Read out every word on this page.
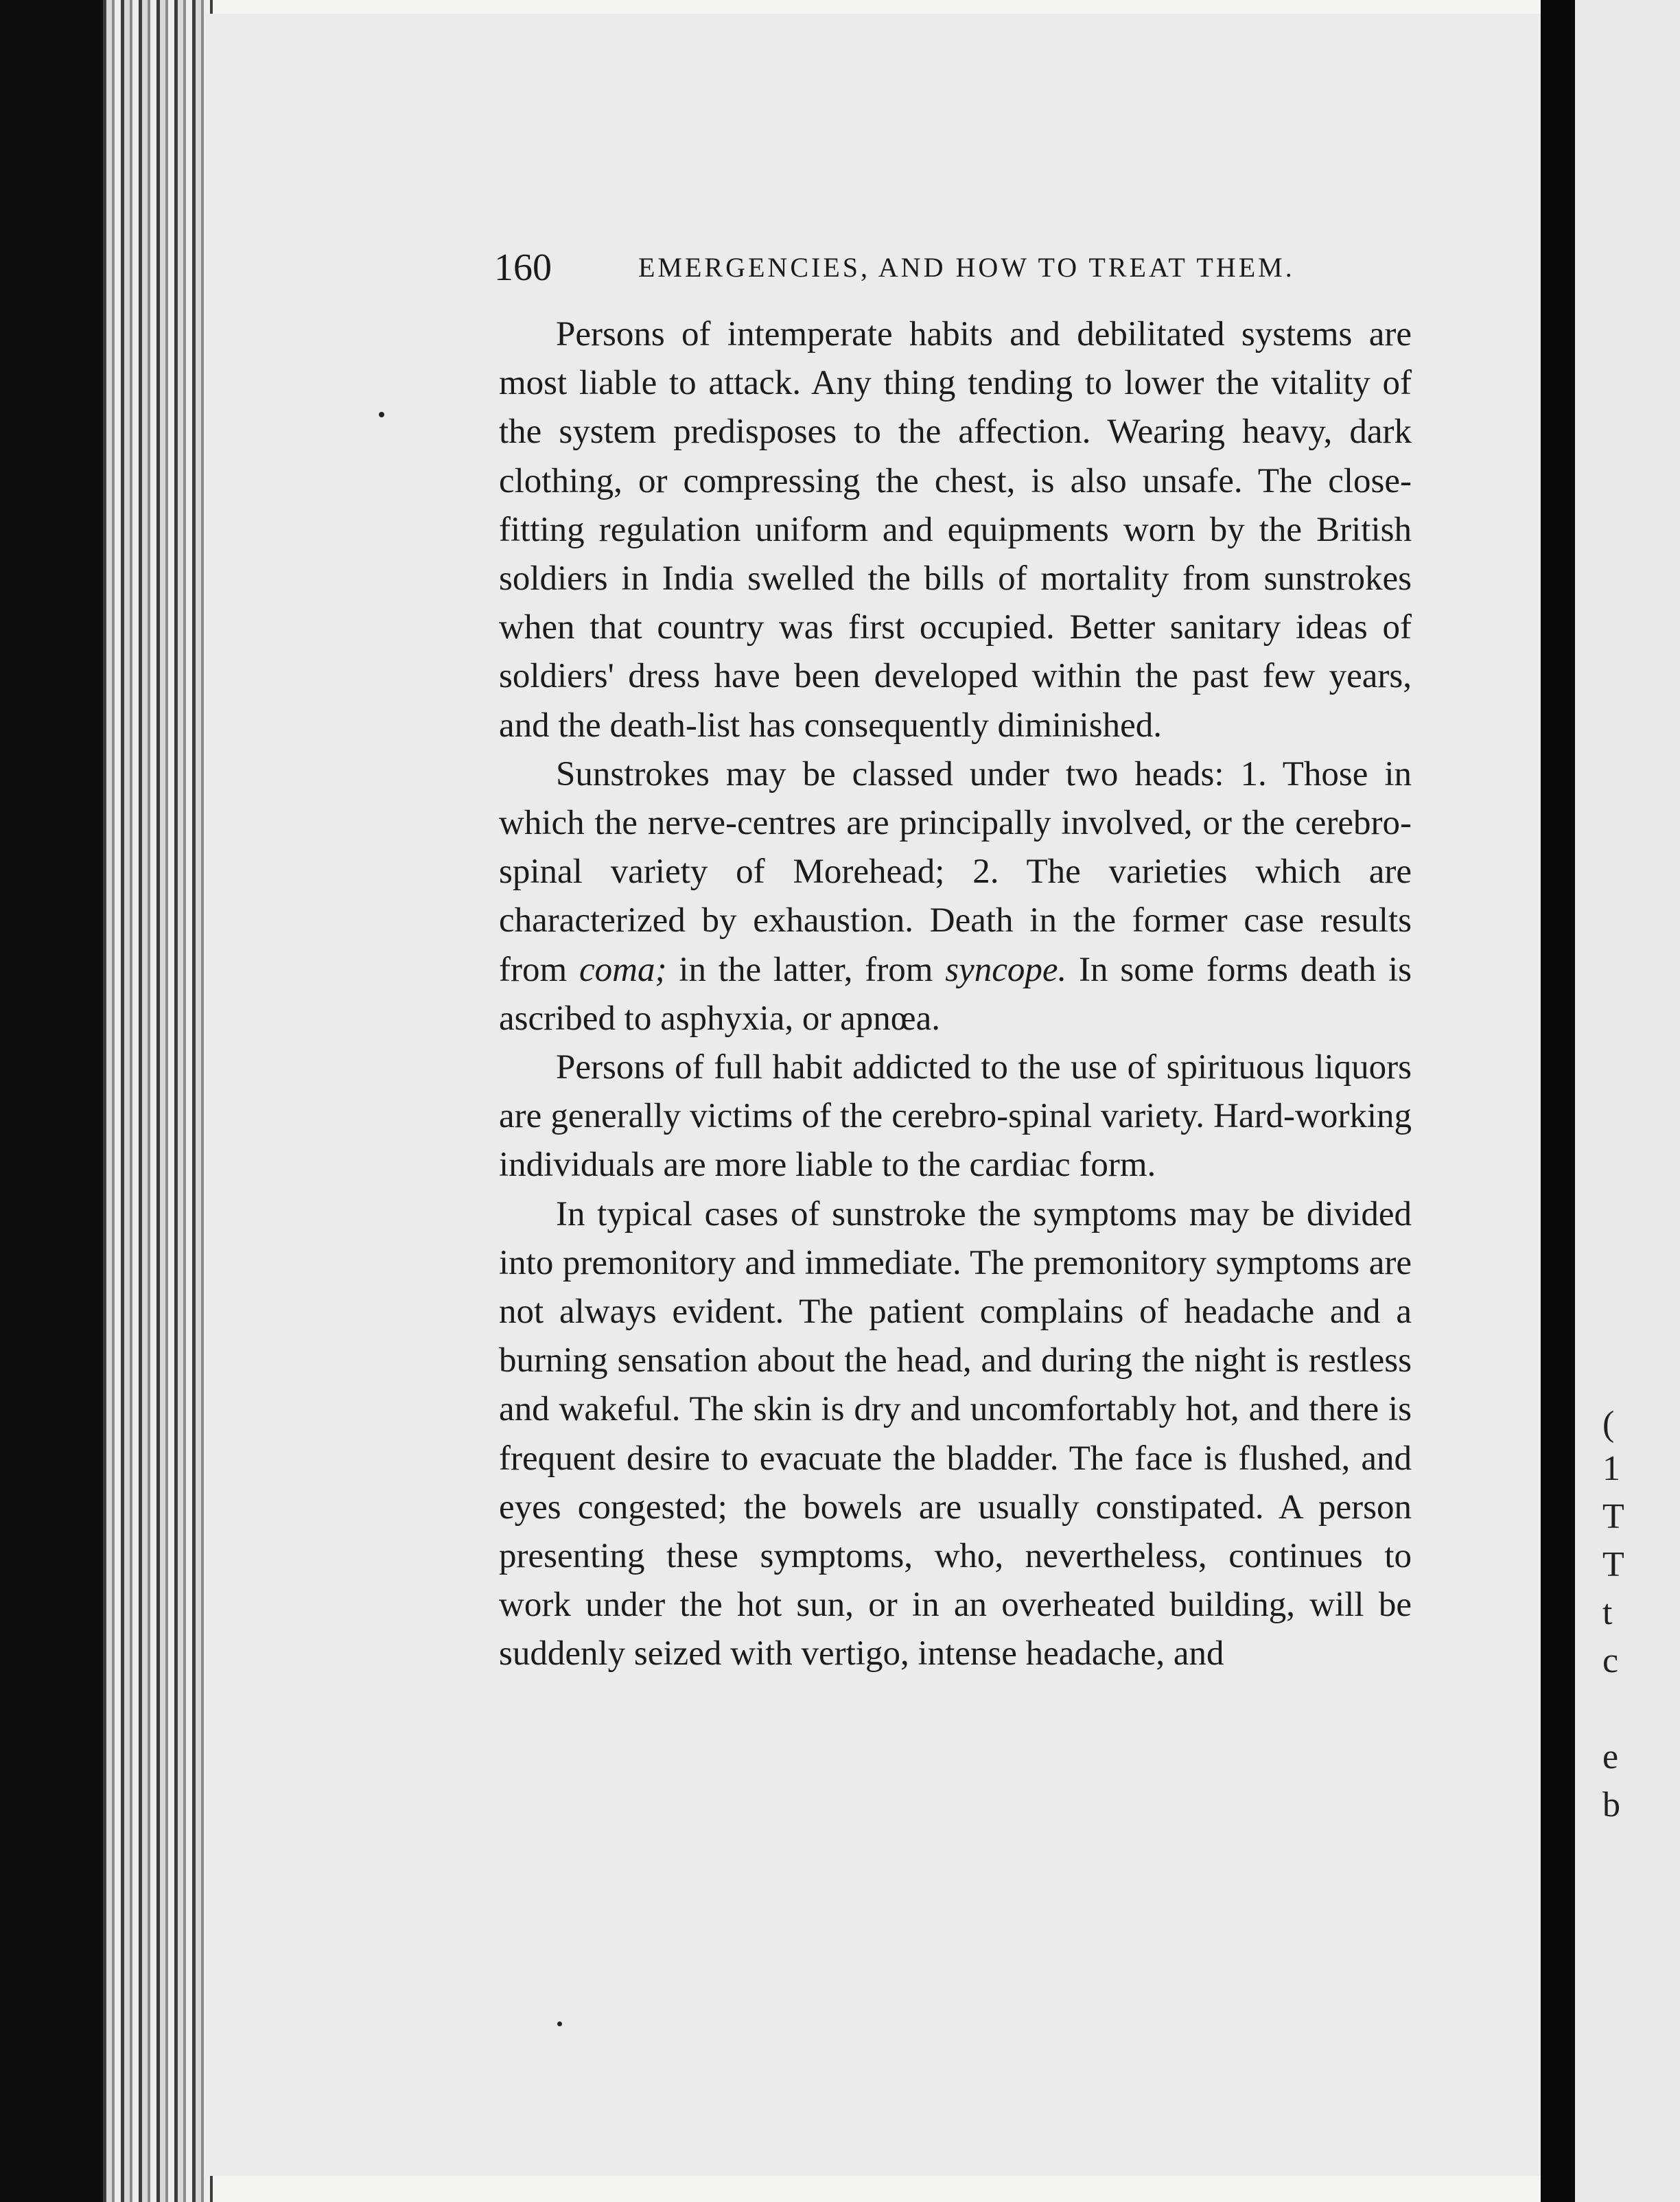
160	EMERGENCIES, AND HOW TO TREAT THEM.

Persons of intemperate habits and debilitated systems are most liable to attack. Any thing tending to lower the vitality of the system predisposes to the affection. Wearing heavy, dark clothing, or compressing the chest, is also unsafe. The close-fitting regulation uniform and equipments worn by the British soldiers in India swelled the bills of mortality from sunstrokes when that country was first occupied. Better sanitary ideas of soldiers' dress have been developed within the past few years, and the death-list has consequently diminished.

Sunstrokes may be classed under two heads: 1. Those in which the nerve-centres are principally involved, or the cerebro-spinal variety of Morehead; 2. The varieties which are characterized by exhaustion. Death in the former case results from coma; in the latter, from syncope. In some forms death is ascribed to asphyxia, or apnœa.

Persons of full habit addicted to the use of spirituous liquors are generally victims of the cerebro-spinal variety. Hard-working individuals are more liable to the cardiac form.

In typical cases of sunstroke the symptoms may be divided into premonitory and immediate. The premonitory symptoms are not always evident. The patient complains of headache and a burning sensation about the head, and during the night is restless and wakeful. The skin is dry and uncomfortably hot, and there is frequent desire to evacuate the bladder. The face is flushed, and eyes congested; the bowels are usually constipated. A person presenting these symptoms, who, nevertheless, continues to work under the hot sun, or in an overheated building, will be suddenly seized with vertigo, intense headache, and

(
1
T
T
t
c
e
b
